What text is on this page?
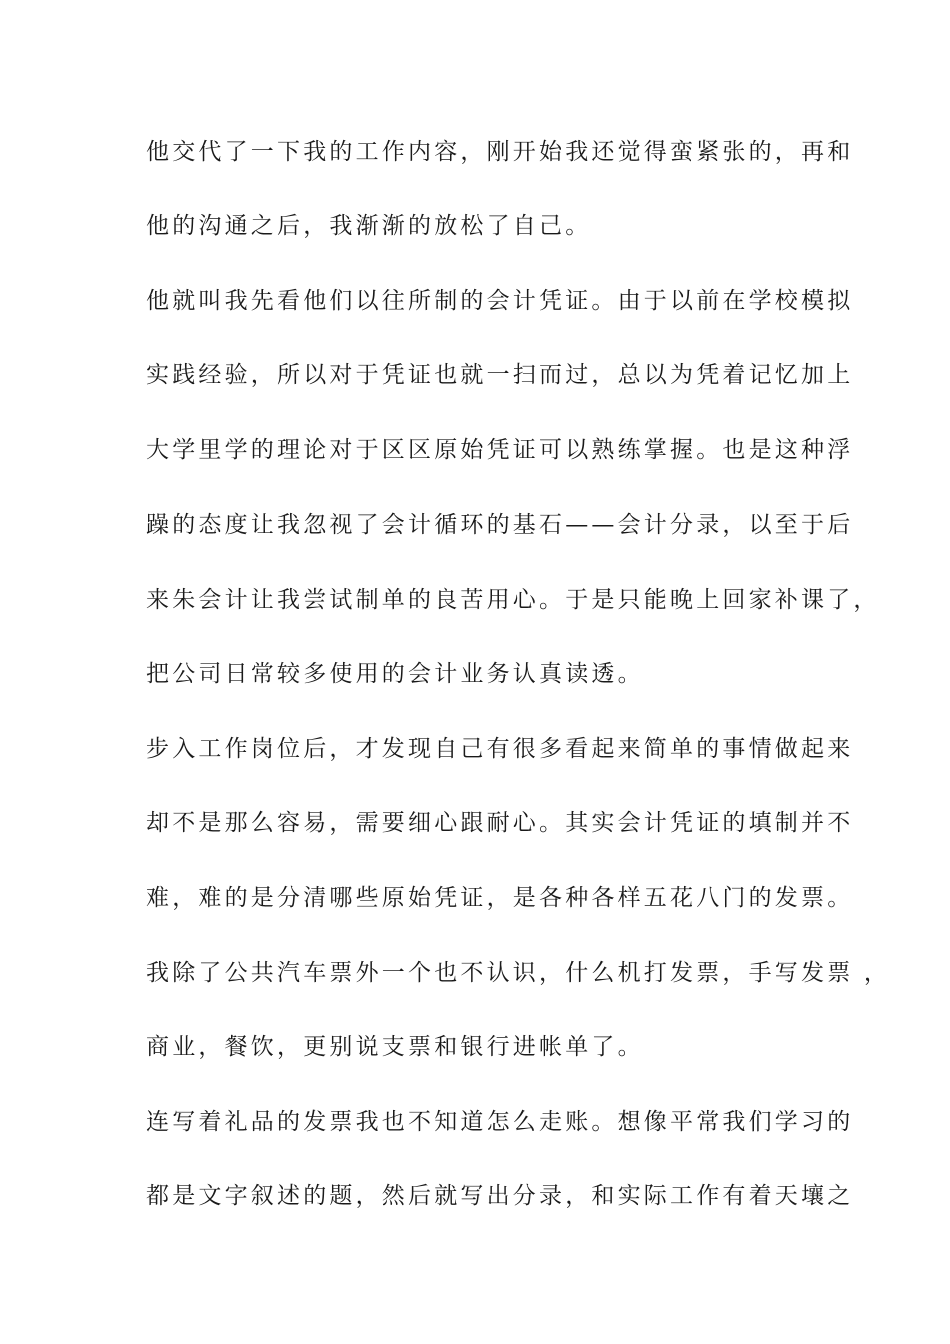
他交代了一下我的工作内容，刚开始我还觉得蛮紧张的，再和
他的沟通之后，我渐渐的放松了自己。
他就叫我先看他们以往所制的会计凭证。由于以前在学校模拟
实践经验，所以对于凭证也就一扫而过，总以为凭着记忆加上
大学里学的理论对于区区原始凭证可以熟练掌握。也是这种浮
躁的态度让我忽视了会计循环的基石——会计分录，以至于后
来朱会计让我尝试制单的良苦用心。于是只能晚上回家补课了，
把公司日常较多使用的会计业务认真读透。
步入工作岗位后，才发现自己有很多看起来简单的事情做起来
却不是那么容易，需要细心跟耐心。其实会计凭证的填制并不
难，难的是分清哪些原始凭证，是各种各样五花八门的发票。
我除了公共汽车票外一个也不认识，什么机打发票，手写发票 ，
商业，餐饮，更别说支票和银行进帐单了。
连写着礼品的发票我也不知道怎么走账。想像平常我们学习的
都是文字叙述的题，然后就写出分录，和实际工作有着天壤之
